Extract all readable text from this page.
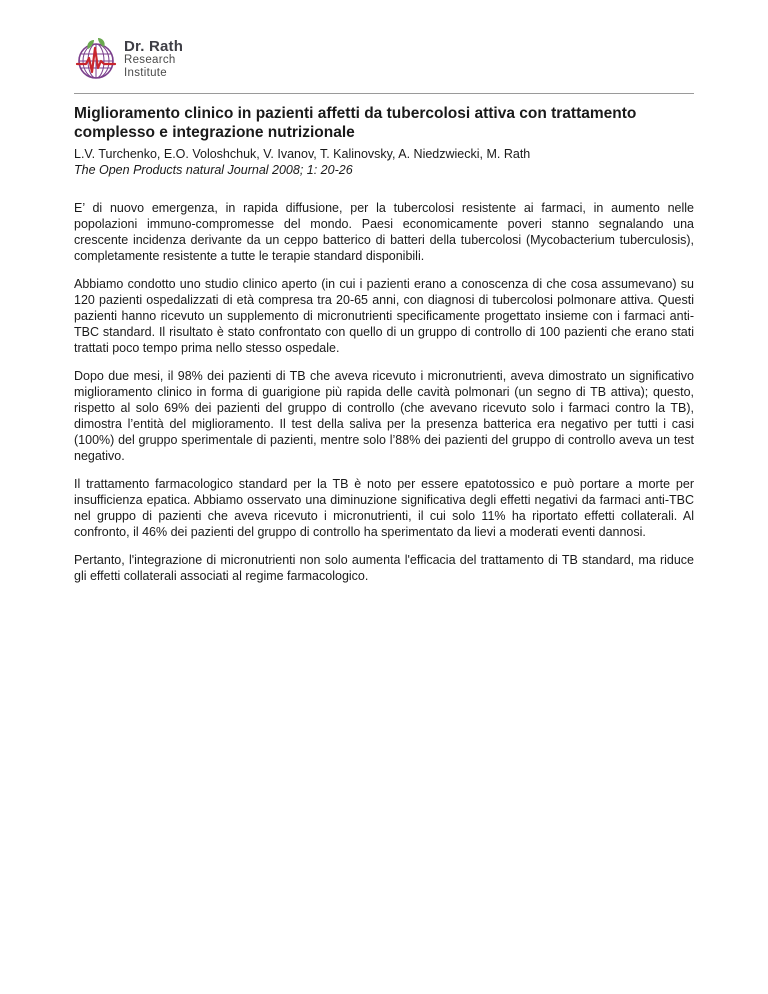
Dr. Rath
Research
Institute
Miglioramento clinico in pazienti affetti da tubercolosi attiva con trattamento complesso e integrazione nutrizionale

L.V. Turchenko, E.O. Voloshchuk, V. Ivanov, T. Kalinovsky, A. Niedzwiecki, M. Rath

The Open Products natural Journal 2008; 1: 20-26

E’ di nuovo emergenza, in rapida diffusione, per la tubercolosi resistente ai farmaci, in aumento nelle popolazioni immuno-compromesse del mondo. Paesi economicamente poveri stanno segnalando una crescente incidenza derivante da un ceppo batterico di batteri della tubercolosi (Mycobacterium tuberculosis), completamente resistente a tutte le terapie standard disponibili.

Abbiamo condotto uno studio clinico aperto (in cui i pazienti erano a conoscenza di che cosa assumevano) su 120 pazienti ospedalizzati di età compresa tra 20-65 anni, con diagnosi di tubercolosi polmonare attiva. Questi pazienti hanno ricevuto un supplemento di micronutrienti specificamente progettato insieme con i farmaci anti-TBC standard. Il risultato è stato confrontato con quello di un gruppo di controllo di 100 pazienti che erano stati trattati poco tempo prima nello stesso ospedale.

Dopo due mesi, il 98% dei pazienti di TB che aveva ricevuto i micronutrienti, aveva dimostrato un significativo miglioramento clinico in forma di guarigione più rapida delle cavità polmonari (un segno di TB attiva); questo, rispetto al solo 69% dei pazienti del gruppo di controllo (che avevano ricevuto solo i farmaci contro la TB), dimostra l’entità del miglioramento. Il test della saliva per la presenza batterica era negativo per tutti i casi (100%) del gruppo sperimentale di pazienti, mentre solo l’88% dei pazienti del gruppo di controllo aveva un test negativo.

Il trattamento farmacologico standard per la TB è noto per essere epatotossico e può portare a morte per insufficienza epatica. Abbiamo osservato una diminuzione significativa degli effetti negativi da farmaci anti-TBC nel gruppo di pazienti che aveva ricevuto i micronutrienti, il cui solo 11% ha riportato effetti collaterali. Al confronto, il 46% dei pazienti del gruppo di controllo ha sperimentato da lievi a moderati eventi dannosi.

Pertanto, l'integrazione di micronutrienti non solo aumenta l'efficacia del trattamento di TB standard, ma riduce gli effetti collaterali associati al regime farmacologico.
